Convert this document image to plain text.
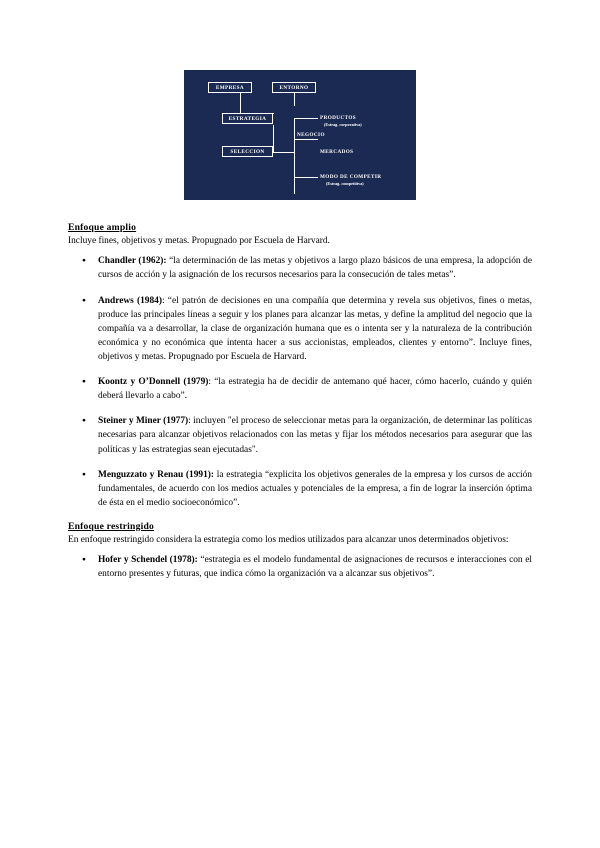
EMPRESA	ENTORNO
ESTRATEGIA
SELECCION
PRODUCTOS
(Estrag. corporativa)
NEGOCIO
MERCADOS
MODO DE COMPETIR
(Estrag. competitiva)
Enfoque amplio

Incluye fines, objetivos y metas. Propugnado por Escuela de Harvard.

● Chandler (1962): “la determinación de las metas y objetivos a largo plazo básicos de una empresa, la adopción de cursos de acción y la asignación de los recursos necesarios para la consecución de tales metas”.
● Andrews (1984): “el patrón de decisiones en una compañía que determina y revela sus objetivos, fines o metas, produce las principales líneas a seguir y los planes para alcanzar las metas, y define la amplitud del negocio que la compañía va a desarrollar, la clase de organización humana que es o intenta ser y la naturaleza de la contribución económica y no económica que intenta hacer a sus accionistas, empleados, clientes y entorno”. Incluye fines, objetivos y metas. Propugnado por Escuela de Harvard.
● Koontz y O’Donnell (1979): “la estrategia ha de decidir de antemano qué hacer, cómo hacerlo, cuándo y quién deberá llevarlo a cabo”.
● Steiner y Miner (1977): incluyen "el proceso de seleccionar metas para la organización, de determinar las políticas necesarias para alcanzar objetivos relacionados con las metas y fijar los métodos necesarios para asegurar que las políticas y las estrategias sean ejecutadas".
● Menguzzato y Renau (1991): la estrategia “explicita los objetivos generales de la empresa y los cursos de acción fundamentales, de acuerdo con los medios actuales y potenciales de la empresa, a fin de lograr la inserción óptima de ésta en el medio socioeconómico”.
Enfoque restringido

En enfoque restringido considera la estrategia como los medios utilizados para alcanzar unos determinados objetivos:

● Hofer y Schendel (1978): “estrategia es el modelo fundamental de asignaciones de recursos e interacciones con el entorno presentes y futuras, que indica cómo la organización va a alcanzar sus objetivos”.
